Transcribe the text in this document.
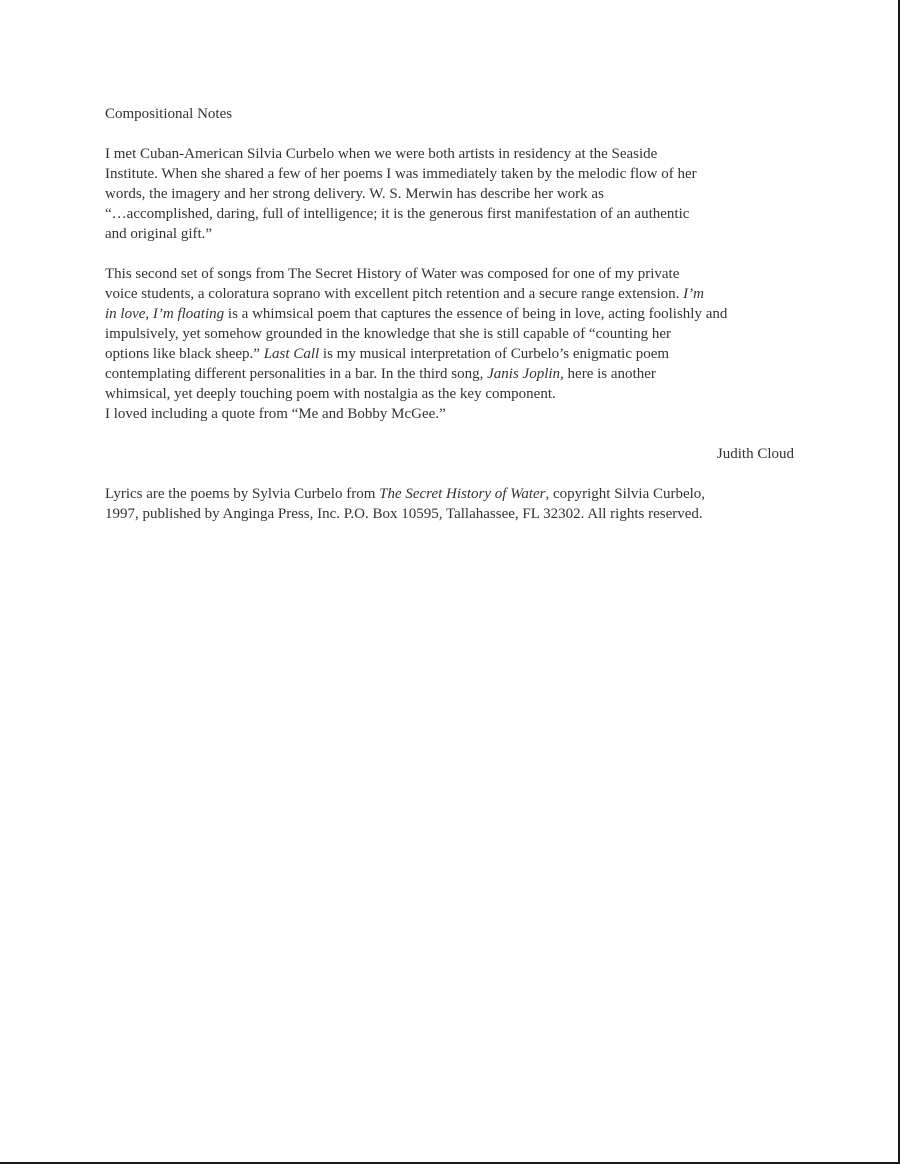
Compositional Notes

I met Cuban-American Silvia Curbelo when we were both artists in residency at the Seaside
Institute. When she shared a few of her poems I was immediately taken by the melodic flow of her
words, the imagery and her strong delivery. W. S. Merwin has describe her work as
“…accomplished, daring, full of intelligence; it is the generous first manifestation of an authentic
and original gift.”

This second set of songs from The Secret History of Water was composed for one of my private
voice students, a coloratura soprano with excellent pitch retention and a secure range extension. I’m
in love, I’m floating is a whimsical poem that captures the essence of being in love, acting foolishly and
impulsively, yet somehow grounded in the knowledge that she is still capable of “counting her
options like black sheep.” Last Call is my musical interpretation of Curbelo’s enigmatic poem
contemplating different personalities in a bar. In the third song, Janis Joplin, here is another
whimsical, yet deeply touching poem with nostalgia as the key component.
I loved including a quote from “Me and Bobby McGee.”

Judith Cloud

Lyrics are the poems by Sylvia Curbelo from The Secret History of Water, copyright Silvia Curbelo,
1997, published by Anginga Press, Inc. P.O. Box 10595, Tallahassee, FL 32302. All rights reserved.
